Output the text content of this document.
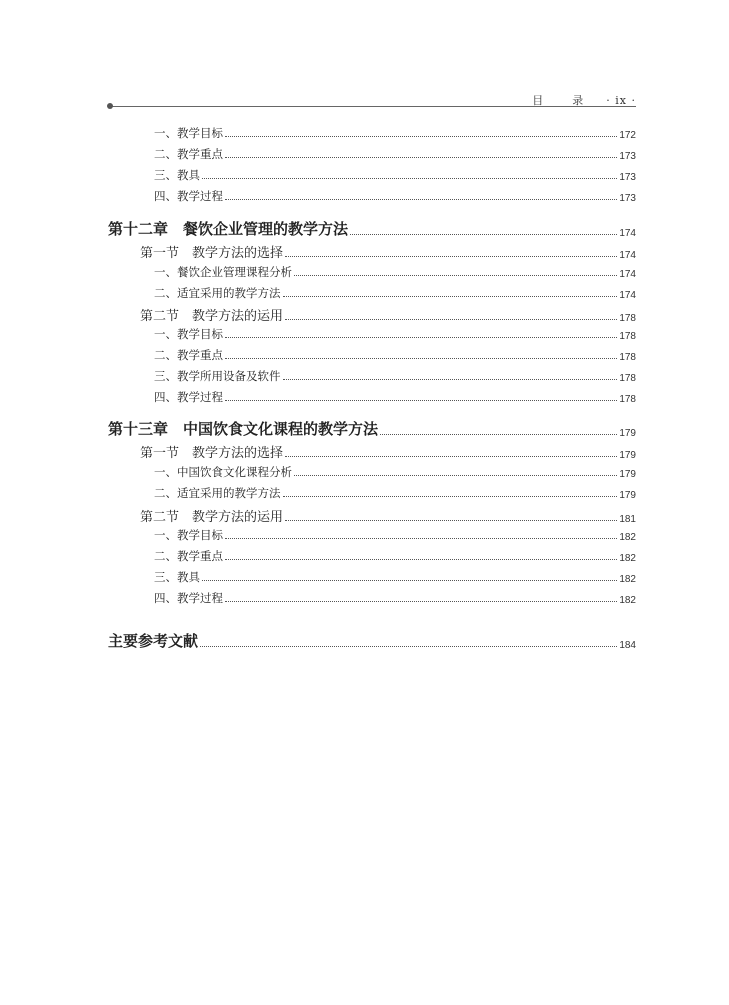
目	录 · ix ·
一、教学目标	172
二、教学重点	173
三、教具	173
四、教学过程	173
第十二章　餐饮企业管理的教学方法	174
第一节　教学方法的选择	174
一、餐饮企业管理课程分析	174
二、适宜采用的教学方法	174
第二节　教学方法的运用	178
一、教学目标	178
二、教学重点	178
三、教学所用设备及软件	178
四、教学过程	178
第十三章　中国饮食文化课程的教学方法	179
第一节　教学方法的选择	179
一、中国饮食文化课程分析	179
二、适宜采用的教学方法	179
第二节　教学方法的运用	181
一、教学目标	182
二、教学重点	182
三、教具	182
四、教学过程	182
主要参考文献	184
